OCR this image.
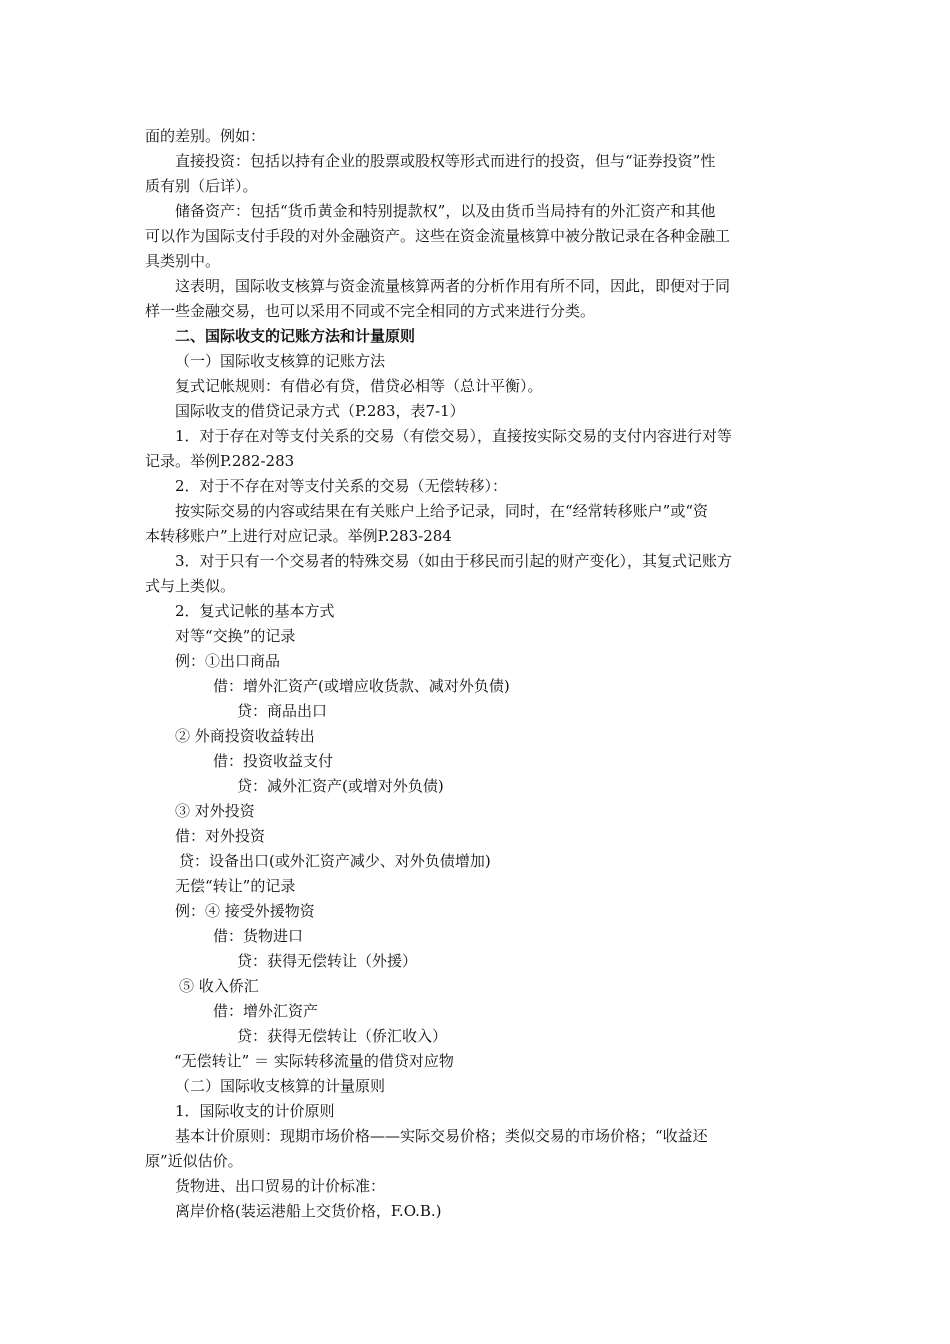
面的差别。例如：
直接投资：包括以持有企业的股票或股权等形式而进行的投资，但与“证券投资”性
质有别（后详）。
储备资产：包括“货币黄金和特别提款权”，以及由货币当局持有的外汇资产和其他
可以作为国际支付手段的对外金融资产。这些在资金流量核算中被分散记录在各种金融工
具类别中。
这表明，国际收支核算与资金流量核算两者的分析作用有所不同，因此，即便对于同
样一些金融交易，也可以采用不同或不完全相同的方式来进行分类。
二、国际收支的记账方法和计量原则
（一）国际收支核算的记账方法
复式记帐规则：有借必有贷，借贷必相等（总计平衡）。
国际收支的借贷记录方式（P.283，表7-1）
1．对于存在对等支付关系的交易（有偿交易），直接按实际交易的支付内容进行对等
记录。举例P.282-283
2．对于不存在对等支付关系的交易（无偿转移）：
按实际交易的内容或结果在有关账户上给予记录，同时，在“经常转移账户”或“资
本转移账户”上进行对应记录。举例P.283-284
3．对于只有一个交易者的特殊交易（如由于移民而引起的财产变化），其复式记账方
式与上类似。
2．复式记帐的基本方式
对等“交换”的记录
例：①出口商品
借：增外汇资产(或增应收货款、减对外负债)
贷：商品出口
② 外商投资收益转出
借：投资收益支付
贷：减外汇资产(或增对外负债)
③ 对外投资
借：对外投资
贷：设备出口(或外汇资产减少、对外负债增加)
无偿“转让”的记录
例：④ 接受外援物资
借：货物进口
贷：获得无偿转让（外援）
⑤ 收入侨汇
借：增外汇资产
贷：获得无偿转让（侨汇收入）
“无偿转让” ＝ 实际转移流量的借贷对应物
（二）国际收支核算的计量原则
1．国际收支的计价原则
基本计价原则：现期市场价格——实际交易价格；类似交易的市场价格；“收益还
原”近似估价。
货物进、出口贸易的计价标准：
离岸价格(装运港船上交货价格，F.O.B.)
